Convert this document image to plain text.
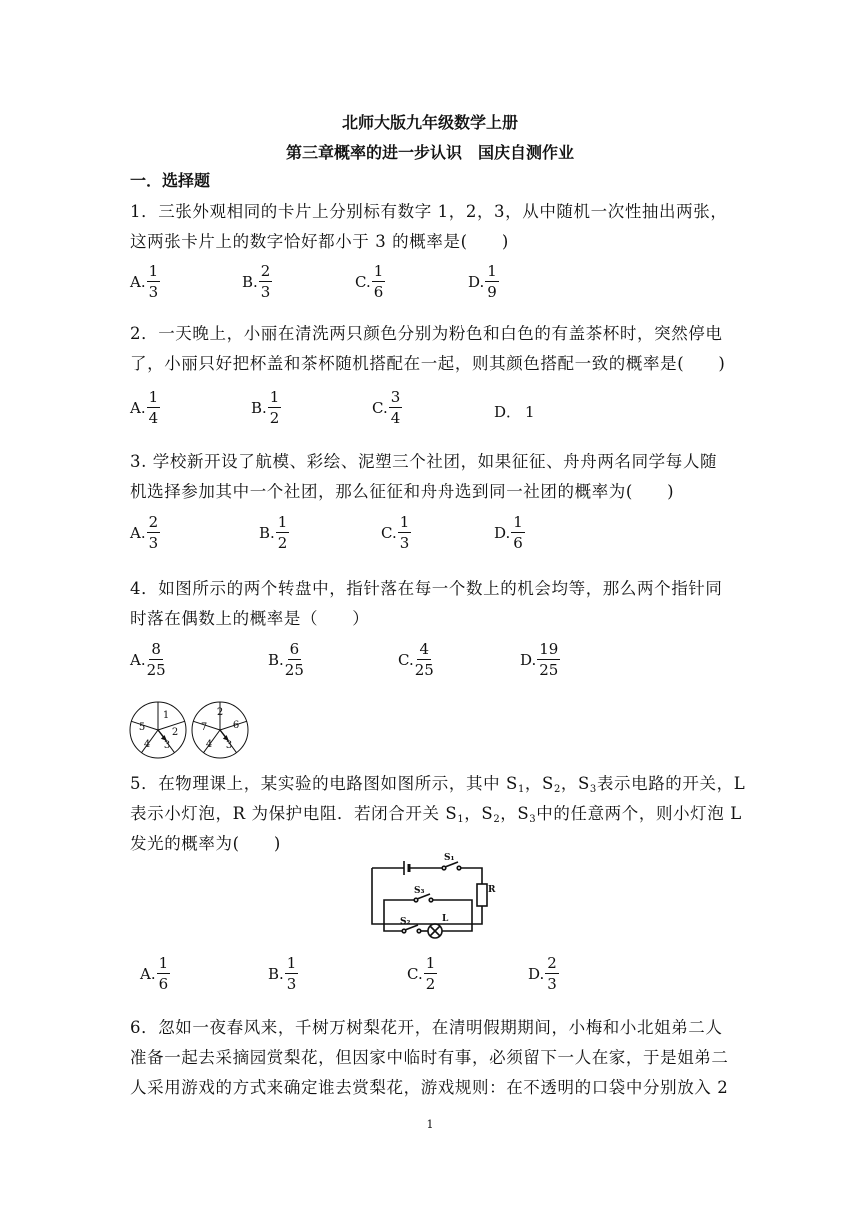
北师大版九年级数学上册
第三章概率的进一步认识　国庆自测作业
一．选择题
1．三张外观相同的卡片上分别标有数字 1，2，3，从中随机一次性抽出两张，
这两张卡片上的数字恰好都小于 3 的概率是(　　)
A. $\frac{1}{3}$	B. $\frac{2}{3}$	C. $\frac{1}{6}$	D. $\frac{1}{9}$
2．一天晚上，小丽在清洗两只颜色分别为粉色和白色的有盖茶杯时，突然停电
了，小丽只好把杯盖和茶杯随机搭配在一起，则其颜色搭配一致的概率是(　　)
A. $\frac{1}{4}$	B. $\frac{1}{2}$	C. $\frac{3}{4}$	D． 1
3. 学校新开设了航模、彩绘、泥塑三个社团，如果征征、舟舟两名同学每人随
机选择参加其中一个社团，那么征征和舟舟选到同一社团的概率为(　　)
A. $\frac{2}{3}$	B. $\frac{1}{2}$	C. $\frac{1}{3}$	D. $\frac{1}{6}$
4．如图所示的两个转盘中，指针落在每一个数上的机会均等，那么两个指针同
时落在偶数上的概率是（　　）
A. $\frac{8}{25}$	B. $\frac{6}{25}$	C. $\frac{4}{25}$	D. $\frac{19}{25}$
1
2
3
4
5
2
6
3
4
7
5．在物理课上，某实验的电路图如图所示，其中 $S_1$，$S_2$，$S_3$表示电路的开关，L
表示小灯泡，R 为保护电阻．若闭合开关 $S_1$，$S_2$，$S_3$中的任意两个，则小灯泡 L
发光的概率为(　　)
S₁
S₃
S₂
R
L
A. $\frac{1}{6}$	B. $\frac{1}{3}$	C. $\frac{1}{2}$	D. $\frac{2}{3}$
6．忽如一夜春风来，千树万树梨花开，在清明假期期间，小梅和小北姐弟二人
准备一起去采摘园赏梨花，但因家中临时有事，必须留下一人在家，于是姐弟二
人采用游戏的方式来确定谁去赏梨花，游戏规则：在不透明的口袋中分别放入 2
1
